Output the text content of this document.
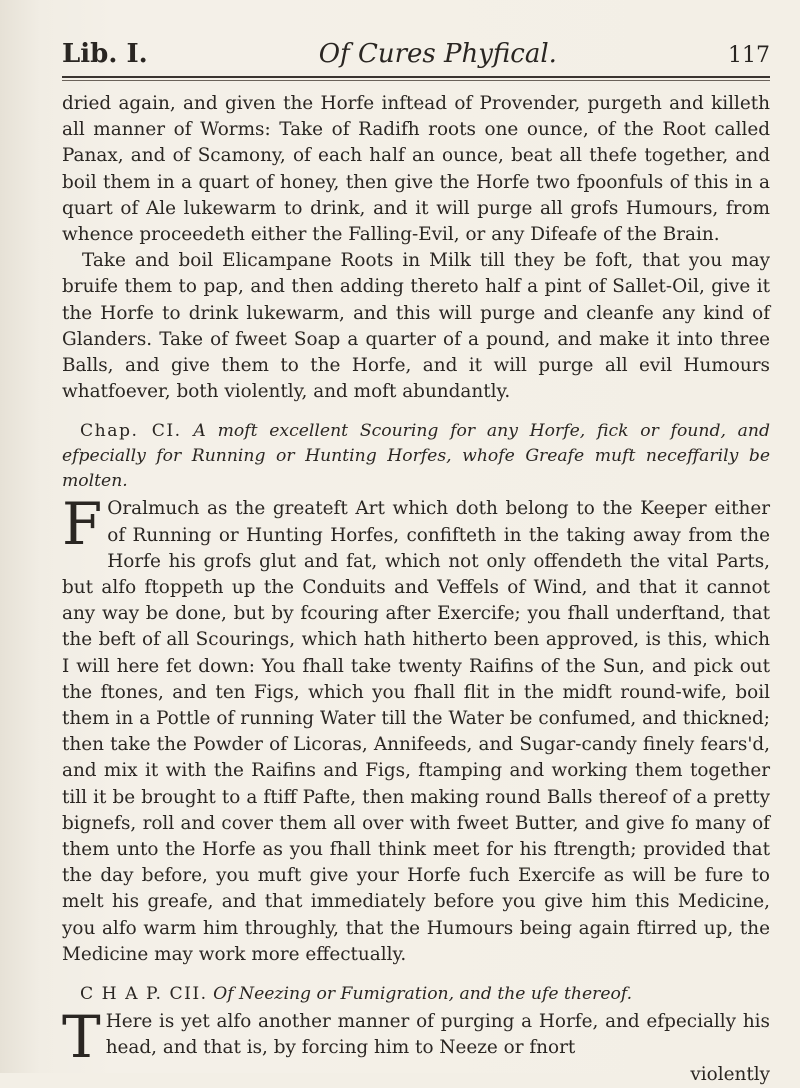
Lib. I.	Of Cures Phyfical.	117

dried again, and given the Horfe inftead of Provender, purgeth and killeth all manner of Worms: Take of Radifh roots one ounce, of the Root called Panax, and of Scamony, of each half an ounce, beat all thefe together, and boil them in a quart of honey, then give the Horfe two fpoonfuls of this in a quart of Ale lukewarm to drink, and it will purge all grofs Humours, from whence proceedeth either the Falling-Evil, or any Difeafe of the Brain.

Take and boil Elicampane Roots in Milk till they be foft, that you may bruife them to pap, and then adding thereto half a pint of Sallet-Oil, give it the Horfe to drink lukewarm, and this will purge and cleanfe any kind of Glanders. Take of fweet Soap a quarter of a pound, and make it into three Balls, and give them to the Horfe, and it will purge all evil Humours whatfoever, both violently, and moft abundantly.

Chap. CI. A moft excellent Scouring for any Horfe, fick or found, and efpecially for Running or Hunting Horfes, whofe Greafe muft neceffarily be molten.

F Oralmuch as the greateft Art which doth belong to the Keeper either of Running or Hunting Horfes, confifteth in the taking away from the Horfe his grofs glut and fat, which not only offendeth the vital Parts, but alfo ftoppeth up the Conduits and Veffels of Wind, and that it cannot any way be done, but by fcouring after Exercife; you fhall underftand, that the beft of all Scourings, which hath hitherto been approved, is this, which I will here fet down: You fhall take twenty Raifins of the Sun, and pick out the ftones, and ten Figs, which you fhall flit in the midft round-wife, boil them in a Pottle of running Water till the Water be confumed, and thickned; then take the Powder of Licoras, Annifeeds, and Sugar-candy finely fears'd, and mix it with the Raifins and Figs, ftamping and working them together till it be brought to a ftiff Pafte, then making round Balls thereof of a pretty bignefs, roll and cover them all over with fweet Butter, and give fo many of them unto the Horfe as you fhall think meet for his ftrength; provided that the day before, you muft give your Horfe fuch Exercife as will be fure to melt his greafe, and that immediately before you give him this Medicine, you alfo warm him throughly, that the Humours being again ftirred up, the Medicine may work more effectually.

C H A P. CII. Of Neezing or Fumigration, and the ufe thereof.

T Here is yet alfo another manner of purging a Horfe, and efpecially his head, and that is, by forcing him to Neeze or fnort

violently
